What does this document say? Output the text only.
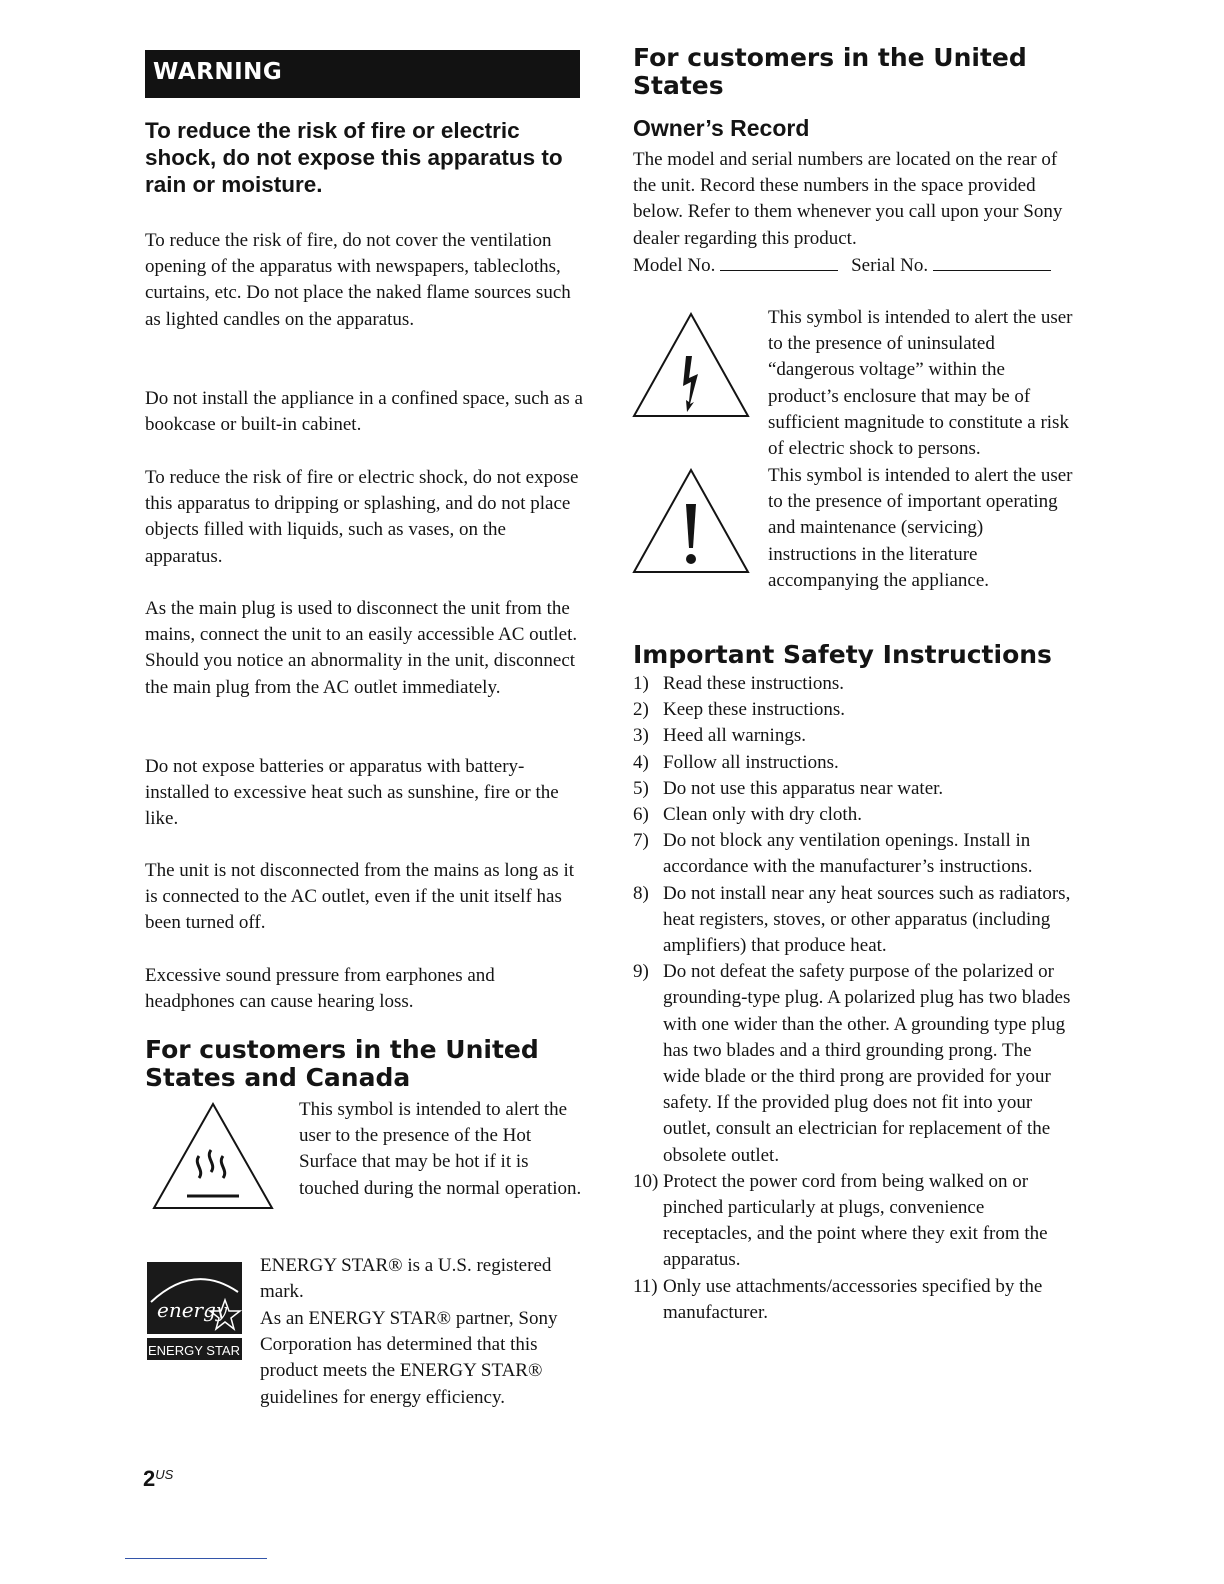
WARNING

To reduce the risk of fire or electric shock, do not expose this apparatus to rain or moisture.

To reduce the risk of fire, do not cover the ventilation opening of the apparatus with newspapers, tablecloths, curtains, etc. Do not place the naked flame sources such as lighted candles on the apparatus.

Do not install the appliance in a confined space, such as a bookcase or built-in cabinet.

To reduce the risk of fire or electric shock, do not expose this apparatus to dripping or splashing, and do not place objects filled with liquids, such as vases, on the apparatus.

As the main plug is used to disconnect the unit from the mains, connect the unit to an easily accessible AC outlet. Should you notice an abnormality in the unit, disconnect the main plug from the AC outlet immediately.

Do not expose batteries or apparatus with battery-installed to excessive heat such as sunshine, fire or the like.

The unit is not disconnected from the mains as long as it is connected to the AC outlet, even if the unit itself has been turned off.

Excessive sound pressure from earphones and headphones can cause hearing loss.

For customers in the United States and Canada

This symbol is intended to alert the user to the presence of the Hot Surface that may be hot if it is touched during the normal operation.

energy
ENERGY STAR

ENERGY STAR® is a U.S. registered mark.

As an ENERGY STAR® partner, Sony Corporation has determined that this product meets the ENERGY STAR® guidelines for energy efficiency.

$2^{US}$
For customers in the United States
Owner’s Record

The model and serial numbers are located on the rear of the unit. Record these numbers in the space provided below. Refer to them whenever you call upon your Sony dealer regarding this product.

Model No.	Serial No.

This symbol is intended to alert the user to the presence of uninsulated “dangerous voltage” within the product’s enclosure that may be of sufficient magnitude to constitute a risk of electric shock to persons.

This symbol is intended to alert the user to the presence of important operating and maintenance (servicing) instructions in the literature accompanying the appliance.

Important Safety Instructions
1) Read these instructions.
2) Keep these instructions.
3) Heed all warnings.
4) Follow all instructions.
5) Do not use this apparatus near water.
6) Clean only with dry cloth.
7) Do not block any ventilation openings. Install in accordance with the manufacturer’s instructions.
8) Do not install near any heat sources such as radiators, heat registers, stoves, or other apparatus (including amplifiers) that produce heat.
9) Do not defeat the safety purpose of the polarized or grounding-type plug. A polarized plug has two blades with one wider than the other. A grounding type plug has two blades and a third grounding prong. The wide blade or the third prong are provided for your safety. If the provided plug does not fit into your outlet, consult an electrician for replacement of the obsolete outlet.
10) Protect the power cord from being walked on or pinched particularly at plugs, convenience receptacles, and the point where they exit from the apparatus.
11) Only use attachments/accessories specified by the manufacturer.
